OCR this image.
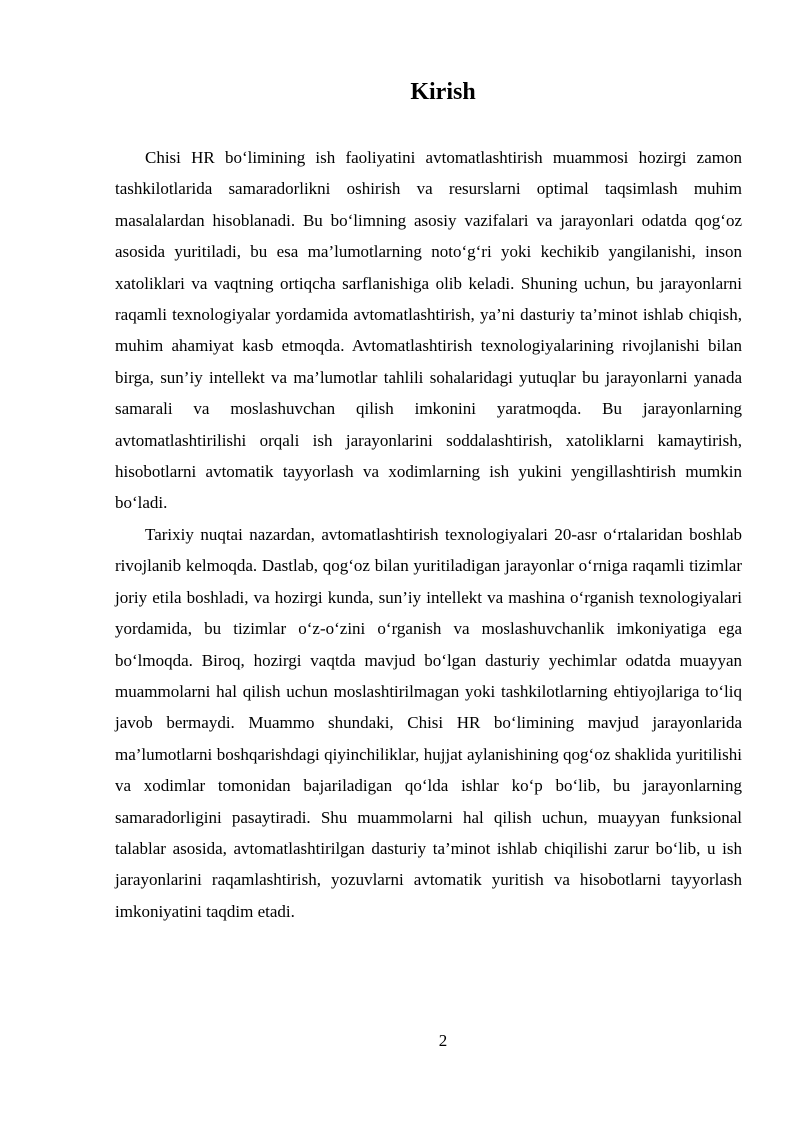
Kirish

Chisi HR bo‘limining ish faoliyatini avtomatlashtirish muammosi hozirgi zamon tashkilotlarida samaradorlikni oshirish va resurslarni optimal taqsimlash muhim masalalardan hisoblanadi. Bu bo‘limning asosiy vazifalari va jarayonlari odatda qog‘oz asosida yuritiladi, bu esa ma’lumotlarning noto‘g‘ri yoki kechikib yangilanishi, inson xatoliklari va vaqtning ortiqcha sarflanishiga olib keladi. Shuning uchun, bu jarayonlarni raqamli texnologiyalar yordamida avtomatlashtirish, ya’ni dasturiy ta’minot ishlab chiqish, muhim ahamiyat kasb etmoqda. Avtomatlashtirish texnologiyalarining rivojlanishi bilan birga, sun’iy intellekt va ma’lumotlar tahlili sohalaridagi yutuqlar bu jarayonlarni yanada samarali va moslashuvchan qilish imkonini yaratmoqda. Bu jarayonlarning avtomatlashtirilishi orqali ish jarayonlarini soddalashtirish, xatoliklarni kamaytirish, hisobotlarni avtomatik tayyorlash va xodimlarning ish yukini yengillashtirish mumkin bo‘ladi.

Tarixiy nuqtai nazardan, avtomatlashtirish texnologiyalari 20-asr o‘rtalaridan boshlab rivojlanib kelmoqda. Dastlab, qog‘oz bilan yuritiladigan jarayonlar o‘rniga raqamli tizimlar joriy etila boshladi, va hozirgi kunda, sun’iy intellekt va mashina o‘rganish texnologiyalari yordamida, bu tizimlar o‘z-o‘zini o‘rganish va moslashuvchanlik imkoniyatiga ega bo‘lmoqda. Biroq, hozirgi vaqtda mavjud bo‘lgan dasturiy yechimlar odatda muayyan muammolarni hal qilish uchun moslashtirilmagan yoki tashkilotlarning ehtiyojlariga to‘liq javob bermaydi. Muammo shundaki, Chisi HR bo‘limining mavjud jarayonlarida ma’lumotlarni boshqarishdagi qiyinchiliklar, hujjat aylanishining qog‘oz shaklida yuritilishi va xodimlar tomonidan bajariladigan qo‘lda ishlar ko‘p bo‘lib, bu jarayonlarning samaradorligini pasaytiradi. Shu muammolarni hal qilish uchun, muayyan funksional talablar asosida, avtomatlashtirilgan dasturiy ta’minot ishlab chiqilishi zarur bo‘lib, u ish jarayonlarini raqamlashtirish, yozuvlarni avtomatik yuritish va hisobotlarni tayyorlash imkoniyatini taqdim etadi.

2
